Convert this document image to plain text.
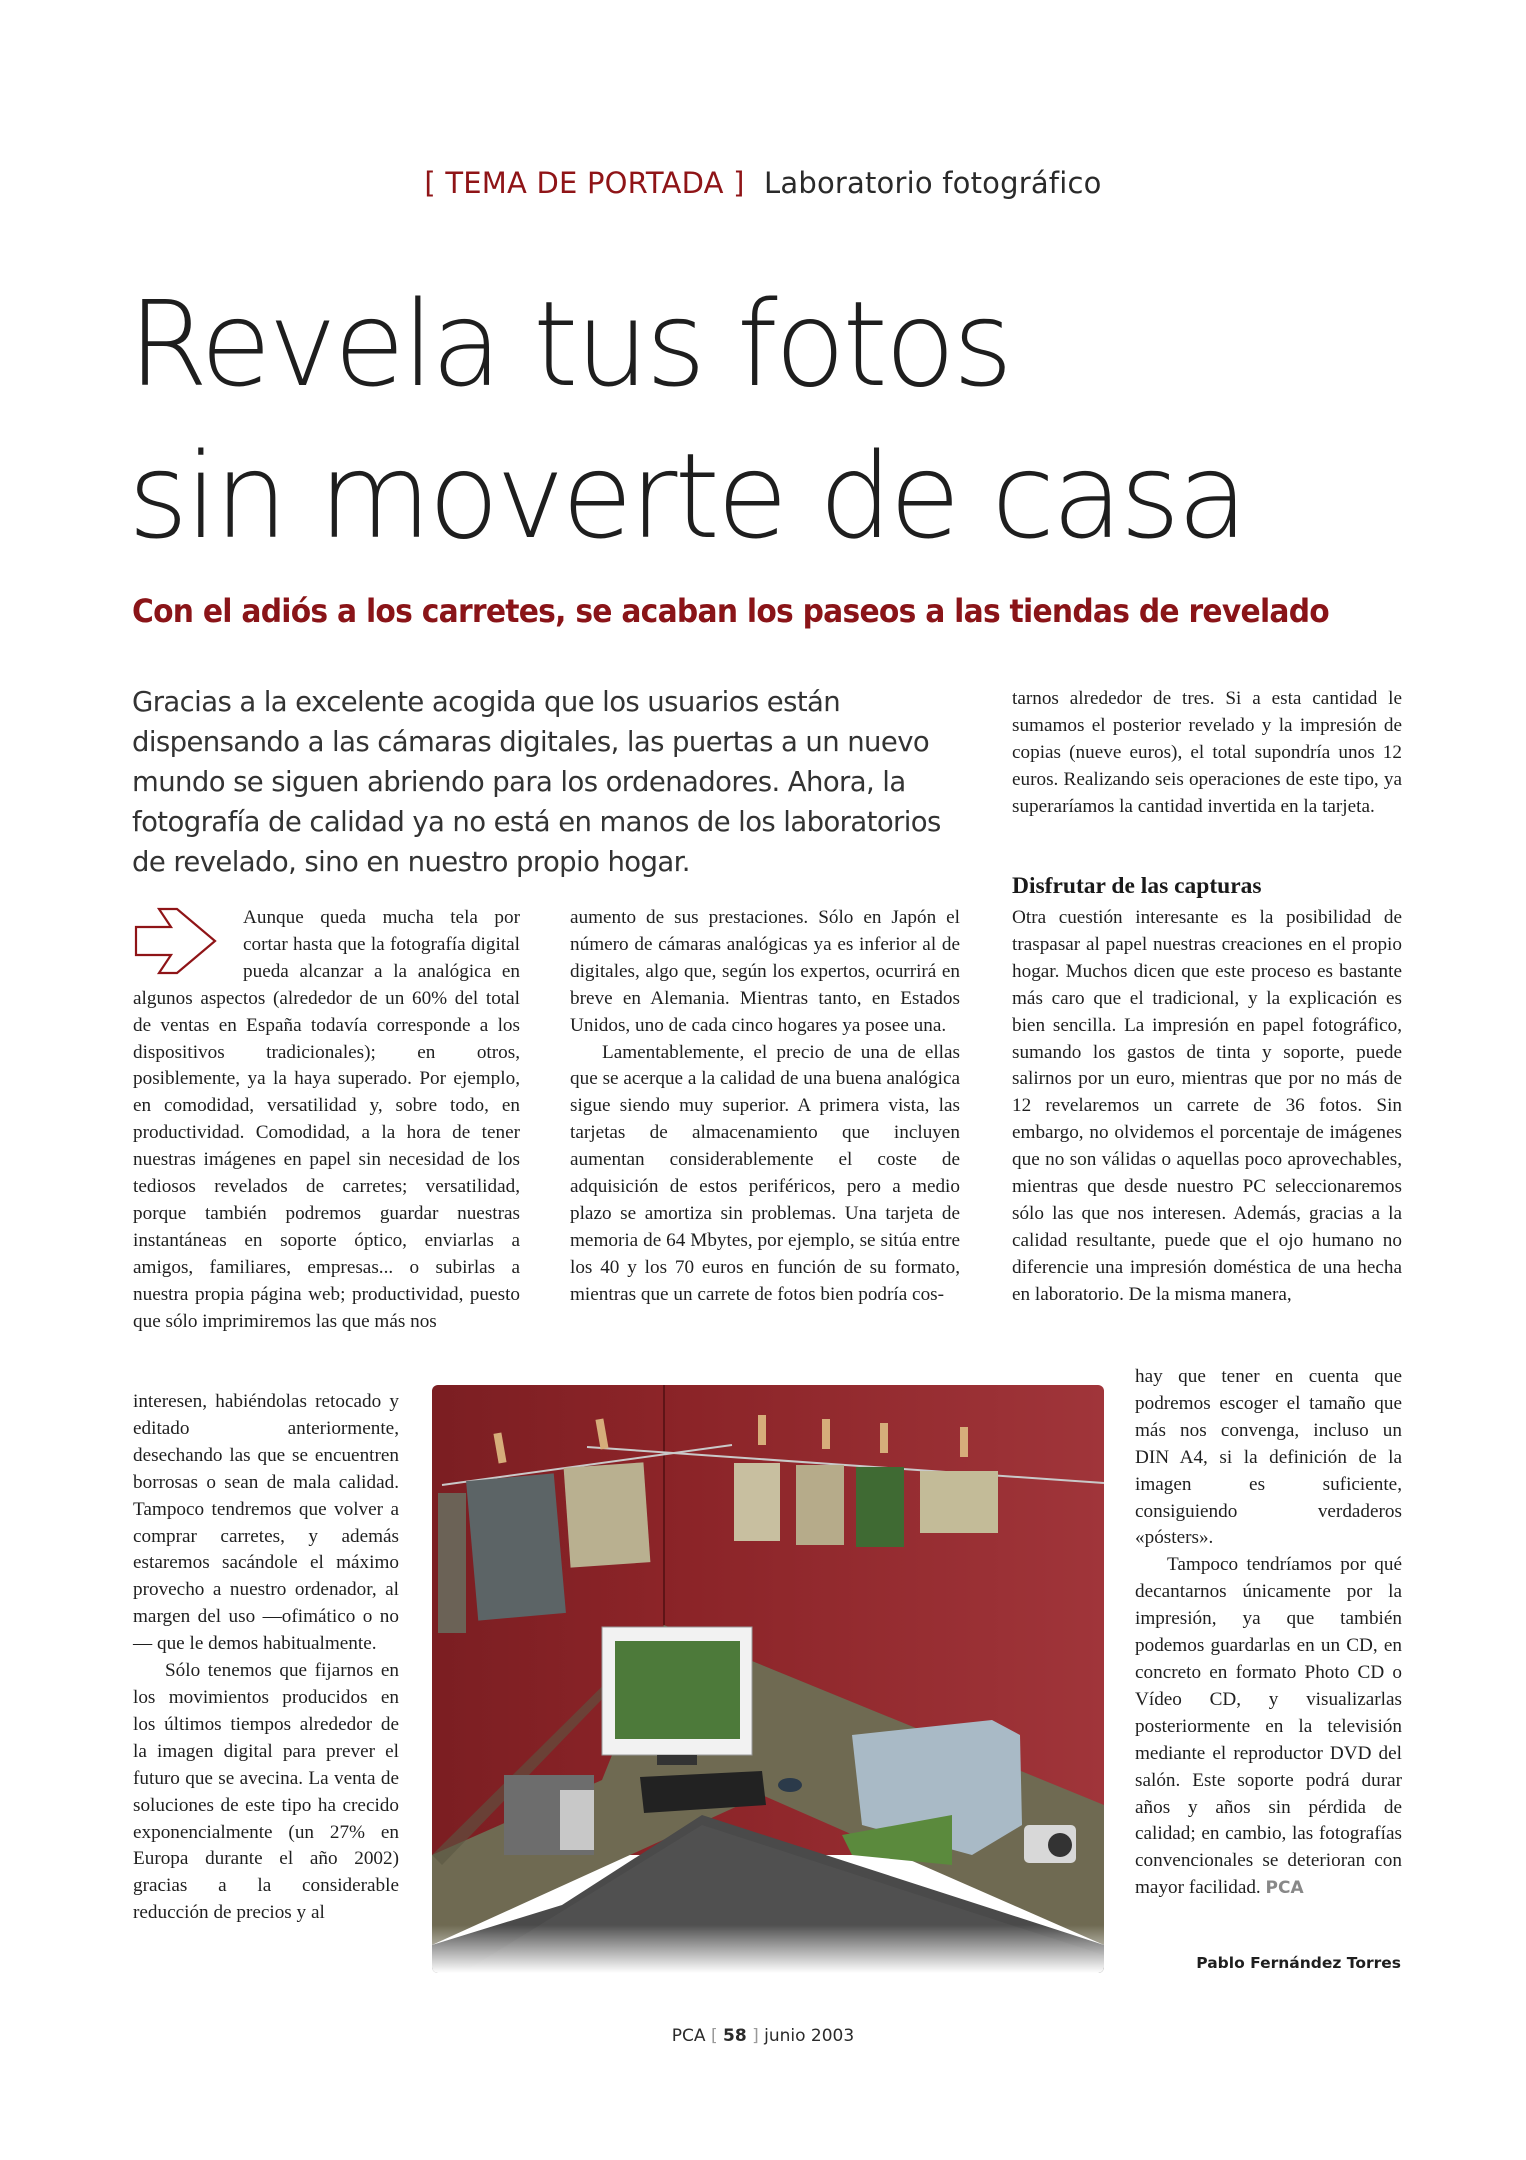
[ TEMA DE PORTADA ] Laboratorio fotográfico
Revela tus fotos
sin moverte de casa
Con el adiós a los carretes, se acaban los paseos a las tiendas de revelado
Gracias a la excelente acogida que los usuarios están
dispensando a las cámaras digitales, las puertas a un nuevo
mundo se siguen abriendo para los ordenadores. Ahora, la
fotografía de calidad ya no está en manos de los laboratorios
de revelado, sino en nuestro propio hogar.

Aunque queda mucha tela por cortar hasta que la fotografía digital pueda alcanzar a la analógica en algunos aspectos (alrededor de un 60% del total de ventas en España todavía corresponde a los dispositivos tradicionales); en otros, posiblemente, ya la haya superado. Por ejemplo, en comodidad, versatilidad y, sobre todo, en productividad. Comodidad, a la hora de tener nuestras imágenes en papel sin necesidad de los tediosos revelados de carretes; versatilidad, porque también podremos guardar nuestras instantáneas en soporte óptico, enviarlas a amigos, familiares, empresas... o subirlas a nuestra propia página web; productividad, puesto que sólo imprimiremos las que más nos

interesen, habiéndolas retocado y editado anteriormente, desechando las que se encuentren borrosas o sean de mala calidad. Tampoco tendremos que volver a comprar carretes, y además estaremos sacándole el máximo provecho a nuestro ordenador, al margen del uso —ofimático o no— que le demos habitualmente.

Sólo tenemos que fijarnos en los movimientos producidos en los últimos tiempos alrededor de la imagen digital para prever el futuro que se avecina. La venta de soluciones de este tipo ha crecido exponencialmente (un 27% en Europa durante el año 2002) gracias a la considerable reducción de precios y al

aumento de sus prestaciones. Sólo en Japón el número de cámaras analógicas ya es inferior al de digitales, algo que, según los expertos, ocurrirá en breve en Alemania. Mientras tanto, en Estados Unidos, uno de cada cinco hogares ya posee una.

Lamentablemente, el precio de una de ellas que se acerque a la calidad de una buena analógica sigue siendo muy superior. A primera vista, las tarjetas de almacenamiento que incluyen aumentan considerablemente el coste de adquisición de estos periféricos, pero a medio plazo se amortiza sin problemas. Una tarjeta de memoria de 64 Mbytes, por ejemplo, se sitúa entre los 40 y los 70 euros en función de su formato, mientras que un carrete de fotos bien podría cos-

tarnos alrededor de tres. Si a esta cantidad le sumamos el posterior revelado y la impresión de copias (nueve euros), el total supondría unos 12 euros. Realizando seis operaciones de este tipo, ya superaríamos la cantidad invertida en la tarjeta.

Disfrutar de las capturas

Otra cuestión interesante es la posibilidad de traspasar al papel nuestras creaciones en el propio hogar. Muchos dicen que este proceso es bastante más caro que el tradicional, y la explicación es bien sencilla. La impresión en papel fotográfico, sumando los gastos de tinta y soporte, puede salirnos por un euro, mientras que por no más de 12 revelaremos un carrete de 36 fotos. Sin embargo, no olvidemos el porcentaje de imágenes que no son válidas o aquellas poco aprovechables, mientras que desde nuestro PC seleccionaremos sólo las que nos interesen. Además, gracias a la calidad resultante, puede que el ojo humano no diferencie una impresión doméstica de una hecha en laboratorio. De la misma manera,

hay que tener en cuenta que podremos escoger el tamaño que más nos convenga, incluso un DIN A4, si la definición de la imagen es suficiente, consiguiendo verdaderos «pósters».

Tampoco tendríamos por qué decantarnos únicamente por la impresión, ya que también podemos guardarlas en un CD, en concreto en formato Photo CD o Vídeo CD, y visualizarlas posteriormente en la televisión mediante el reproductor DVD del salón. Este soporte podrá durar años y años sin pérdida de calidad; en cambio, las fotografías convencionales se deterioran con mayor facilidad. PCA

Pablo Fernández Torres
PCA [ 58 ] junio 2003
